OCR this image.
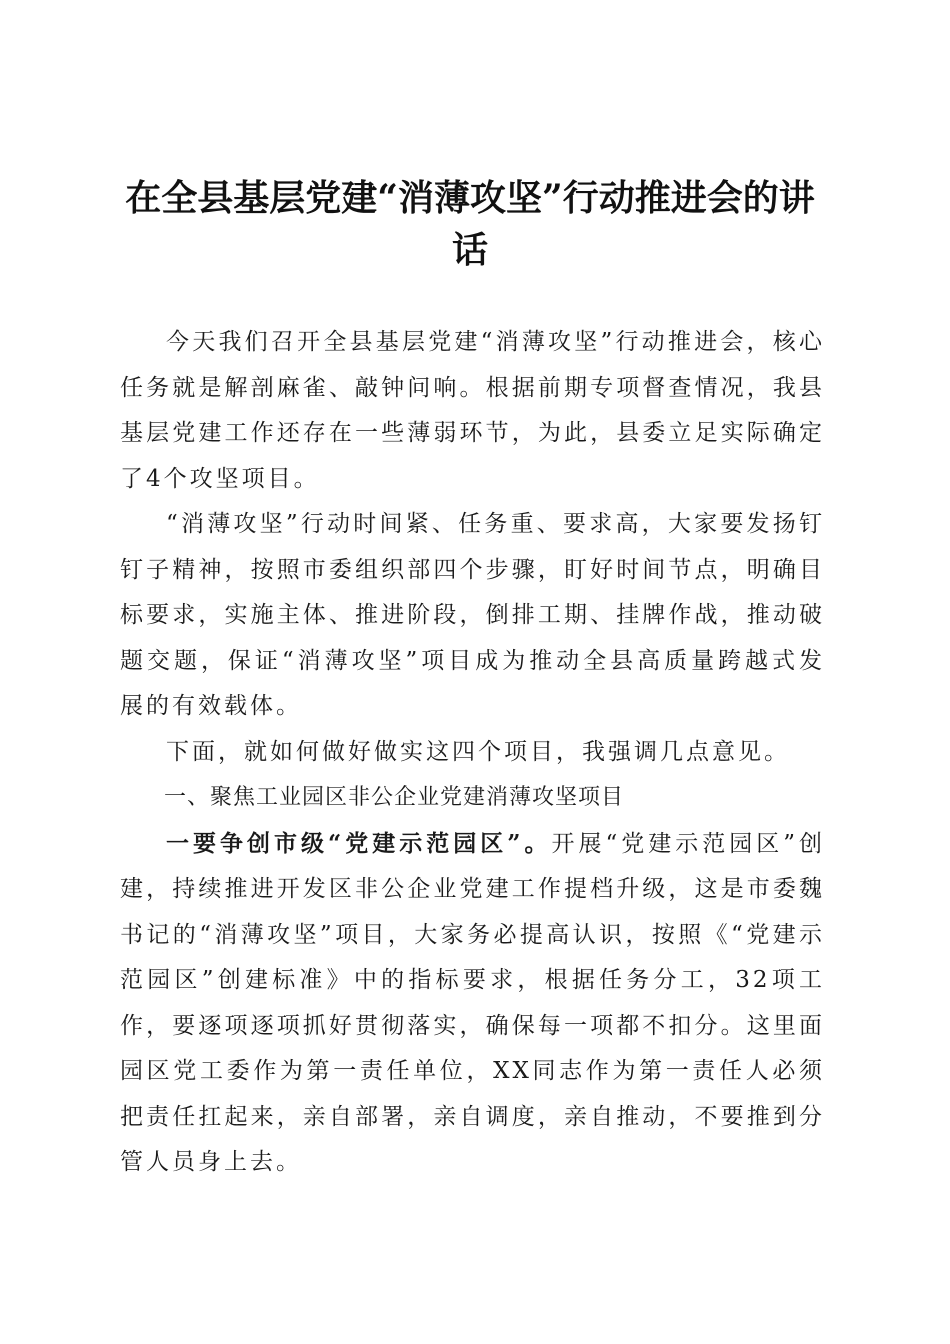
在全县基层党建“消薄攻坚”行动推进会的讲话

今天我们召开全县基层党建“消薄攻坚”行动推进会，核心任务就是解剖麻雀、敲钟问响。根据前期专项督查情况，我县基层党建工作还存在一些薄弱环节，为此，县委立足实际确定了4个攻坚项目。

“消薄攻坚”行动时间紧、任务重、要求高，大家要发扬钉钉子精神，按照市委组织部四个步骤，盯好时间节点，明确目标要求，实施主体、推进阶段，倒排工期、挂牌作战，推动破题交题，保证“消薄攻坚”项目成为推动全县高质量跨越式发展的有效载体。

下面，就如何做好做实这四个项目，我强调几点意见。

一、聚焦工业园区非公企业党建消薄攻坚项目

一要争创市级“党建示范园区”。开展“党建示范园区”创建，持续推进开发区非公企业党建工作提档升级，这是市委魏书记的“消薄攻坚”项目，大家务必提高认识，按照《“党建示范园区”创建标准》中的指标要求，根据任务分工，32项工作，要逐项逐项抓好贯彻落实，确保每一项都不扣分。这里面园区党工委作为第一责任单位，XX同志作为第一责任人必须把责任扛起来，亲自部署，亲自调度，亲自推动，不要推到分管人员身上去。
